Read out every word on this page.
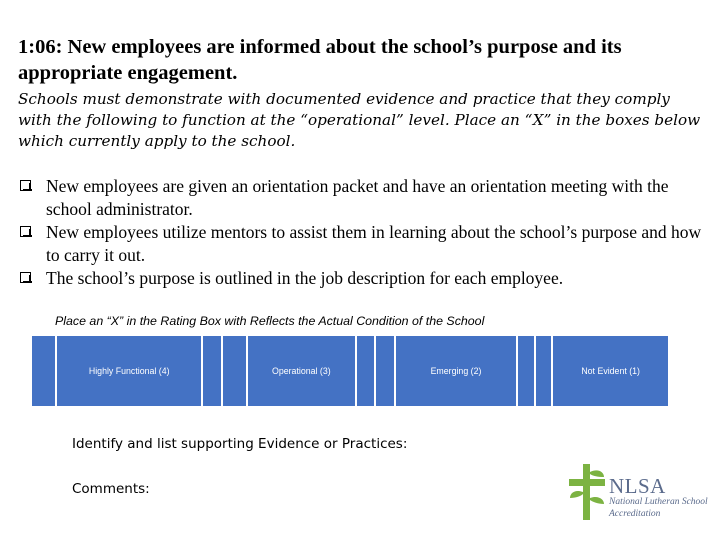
1:06: New employees are informed about the school’s purpose and its appropriate engagement.
Schools must demonstrate with documented evidence and practice that they comply with the following to function at the “operational” level. Place an “X” in the boxes below which currently apply to the school.
New employees are given an orientation packet and have an orientation meeting with the school administrator.
New employees utilize mentors to assist them in learning about the school’s purpose and how to carry it out.
The school’s purpose is outlined in the job description for each employee.
Place an “X” in the Rating Box with Reflects the Actual Condition of the School
Highly Functional (4)	Operational (3)	Emerging (2)	Not Evident (1)
Identify and list supporting Evidence or Practices:
Comments:	NLSA
National Lutheran School Accreditation
